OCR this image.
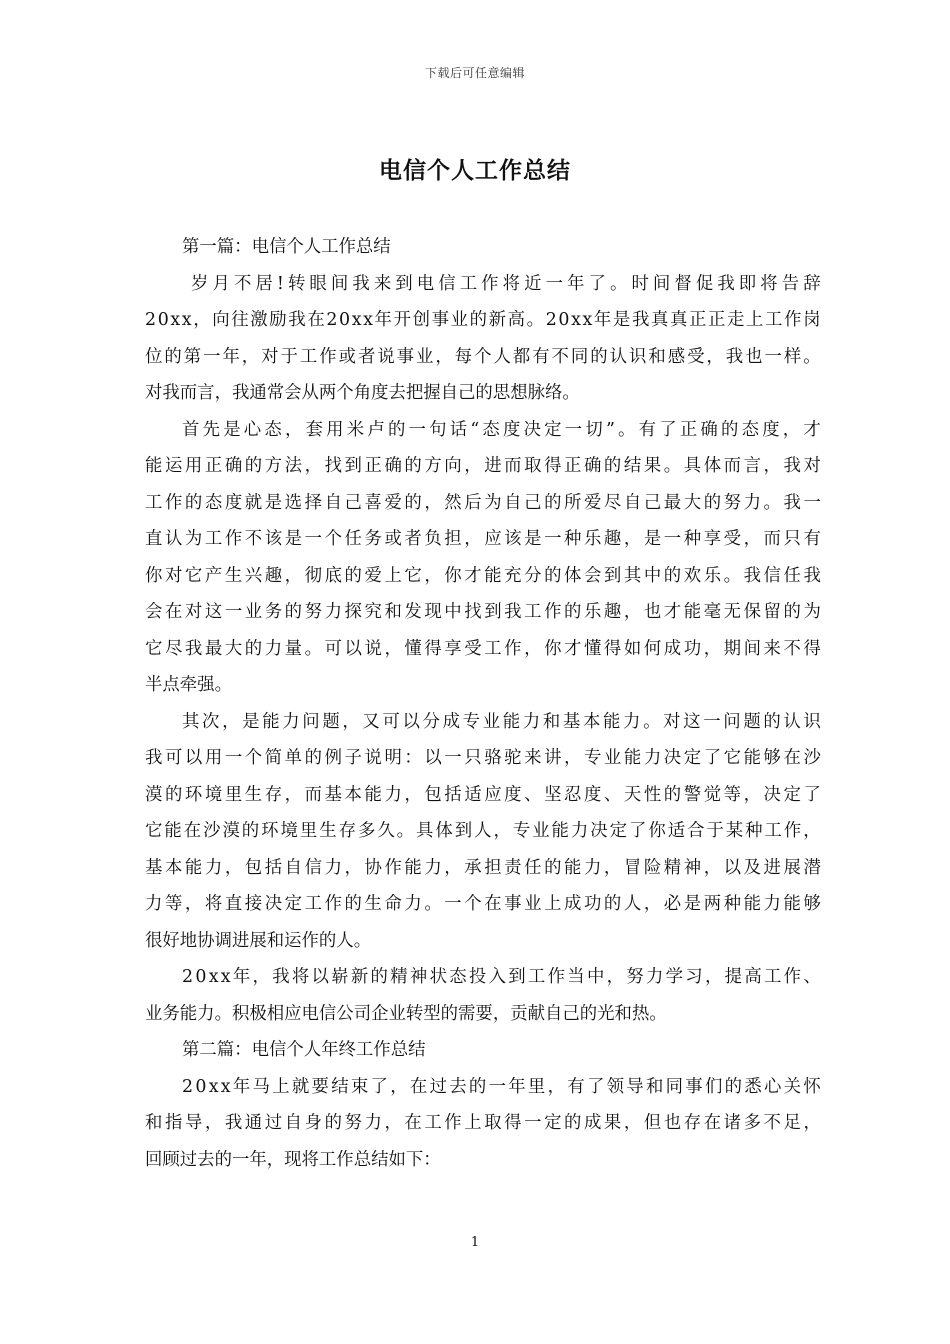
下载后可任意编辑
电信个人工作总结
第一篇：电信个人工作总结
岁 月 不 居 ! 转 眼 间 我 来 到 电 信 工 作 将 近 一 年 了 。 时 间 督 促 我 即 将 告 辞
2 0 x x ， 向 往 激 励 我 在 2 0 x x 年 开 创 事 业 的 新 高 。 2 0 x x 年 是 我 真 真 正 正 走 上 工 作 岗
位 的 第 一 年 ， 对 于 工 作 或 者 说 事 业 ， 每 个 人 都 有 不 同 的 认 识 和 感 受 ， 我 也 一 样 。
对我而言，我通常会从两个角度去把握自己的思想脉络。
首 先 是 心 态 ， 套 用 米 卢 的 一 句 话 “ 态 度 决 定 一 切 ” 。 有 了 正 确 的 态 度 ， 才
能 运 用 正 确 的 方 法 ， 找 到 正 确 的 方 向 ， 进 而 取 得 正 确 的 结 果 。 具 体 而 言 ， 我 对
工 作 的 态 度 就 是 选 择 自 己 喜 爱 的 ， 然 后 为 自 己 的 所 爱 尽 自 己 最 大 的 努 力 。 我 一
直 认 为 工 作 不 该 是 一 个 任 务 或 者 负 担 ， 应 该 是 一 种 乐 趣 ， 是 一 种 享 受 ， 而 只 有
你 对 它 产 生 兴 趣 ， 彻 底 的 爱 上 它 ， 你 才 能 充 分 的 体 会 到 其 中 的 欢 乐 。 我 信 任 我
会 在 对 这 一 业 务 的 努 力 探 究 和 发 现 中 找 到 我 工 作 的 乐 趣 ， 也 才 能 毫 无 保 留 的 为
它 尽 我 最 大 的 力 量 。 可 以 说 ， 懂 得 享 受 工 作 ， 你 才 懂 得 如 何 成 功 ， 期 间 来 不 得
半点牵强。
其 次 ， 是 能 力 问 题 ， 又 可 以 分 成 专 业 能 力 和 基 本 能 力 。 对 这 一 问 题 的 认 识
我 可 以 用 一 个 简 单 的 例 子 说 明 ： 以 一 只 骆 驼 来 讲 ， 专 业 能 力 决 定 了 它 能 够 在 沙
漠 的 环 境 里 生 存 ， 而 基 本 能 力 ， 包 括 适 应 度 、 坚 忍 度 、 天 性 的 警 觉 等 ， 决 定 了
它 能 在 沙 漠 的 环 境 里 生 存 多 久 。 具 体 到 人 ， 专 业 能 力 决 定 了 你 适 合 于 某 种 工 作 ，
基 本 能 力 ， 包 括 自 信 力 ， 协 作 能 力 ， 承 担 责 任 的 能 力 ， 冒 险 精 神 ， 以 及 进 展 潜
力 等 ， 将 直 接 决 定 工 作 的 生 命 力 。 一 个 在 事 业 上 成 功 的 人 ， 必 是 两 种 能 力 能 够
很好地协调进展和运作的人。
2 0 x x 年 ， 我 将 以 崭 新 的 精 神 状 态 投 入 到 工 作 当 中 ， 努 力 学 习 ， 提 高 工 作 、
业务能力。积极相应电信公司企业转型的需要，贡献自己的光和热。
第二篇：电信个人年终工作总结
2 0 x x 年 马 上 就 要 结 束 了 ， 在 过 去 的 一 年 里 ， 有 了 领 导 和 同 事 们 的 悉 心 关 怀
和 指 导 ， 我 通 过 自 身 的 努 力 ， 在 工 作 上 取 得 一 定 的 成 果 ， 但 也 存 在 诸 多 不 足 ，
回顾过去的一年，现将工作总结如下：
1
